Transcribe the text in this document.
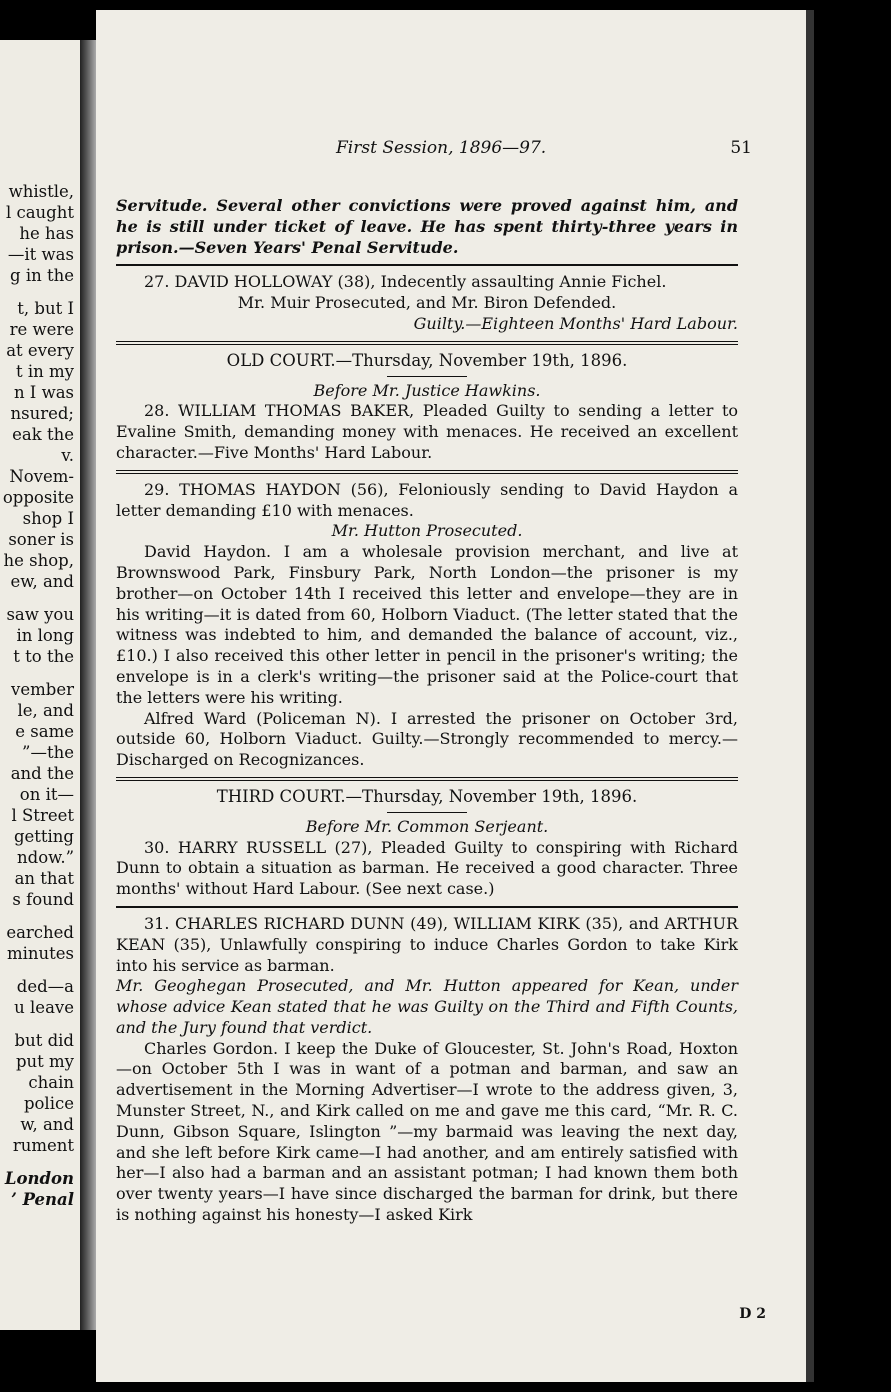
whistle,
l caught
he has
—it was
g in the
t, but I
re were
at every
t in my
n I was
nsured;
eak the
v.
Novem-
opposite
shop I
soner is
he shop,
ew, and
saw you
in long
t to the
vember
le, and
e same
”—the
and the
on it—
l Street
getting
ndow.”
an that
s found
earched
minutes
ded—a
u leave
but did
put my
chain
police
w, and
rument
London
’ Penal
First Session, 1896—97.	51

Servitude. Several other convictions were proved against him, and he is still under ticket of leave. He has spent thirty-three years in prison.—Seven Years' Penal Servitude.

27. DAVID HOLLOWAY (38), Indecently assaulting Annie Fichel.

Mr. Muir Prosecuted, and Mr. Biron Defended.

Guilty.—Eighteen Months' Hard Labour.

OLD COURT.—Thursday, November 19th, 1896.

Before Mr. Justice Hawkins.

28. WILLIAM THOMAS BAKER, Pleaded Guilty to sending a letter to Evaline Smith, demanding money with menaces. He received an excellent character.—Five Months' Hard Labour.

29. THOMAS HAYDON (56), Feloniously sending to David Haydon a letter demanding £10 with menaces.

Mr. Hutton Prosecuted.

David Haydon. I am a wholesale provision merchant, and live at Brownswood Park, Finsbury Park, North London—the prisoner is my brother—on October 14th I received this letter and envelope—they are in his writing—it is dated from 60, Holborn Viaduct. (The letter stated that the witness was indebted to him, and demanded the balance of account, viz., £10.) I also received this other letter in pencil in the prisoner's writing; the envelope is in a clerk's writing—the prisoner said at the Police-court that the letters were his writing.

Alfred Ward (Policeman N). I arrested the prisoner on October 3rd, outside 60, Holborn Viaduct. Guilty.—Strongly recommended to mercy.—Discharged on Recognizances.

THIRD COURT.—Thursday, November 19th, 1896.

Before Mr. Common Serjeant.

30. HARRY RUSSELL (27), Pleaded Guilty to conspiring with Richard Dunn to obtain a situation as barman. He received a good character. Three months' without Hard Labour. (See next case.)

31. CHARLES RICHARD DUNN (49), WILLIAM KIRK (35), and ARTHUR KEAN (35), Unlawfully conspiring to induce Charles Gordon to take Kirk into his service as barman.

Mr. Geoghegan Prosecuted, and Mr. Hutton appeared for Kean, under whose advice Kean stated that he was Guilty on the Third and Fifth Counts, and the Jury found that verdict.

Charles Gordon. I keep the Duke of Gloucester, St. John's Road, Hoxton—on October 5th I was in want of a potman and barman, and saw an advertisement in the Morning Advertiser—I wrote to the address given, 3, Munster Street, N., and Kirk called on me and gave me this card, “Mr. R. C. Dunn, Gibson Square, Islington ”—my barmaid was leaving the next day, and she left before Kirk came—I had another, and am entirely satisfied with her—I also had a barman and an assistant potman; I had known them both over twenty years—I have since discharged the barman for drink, but there is nothing against his honesty—I asked Kirk

D 2
